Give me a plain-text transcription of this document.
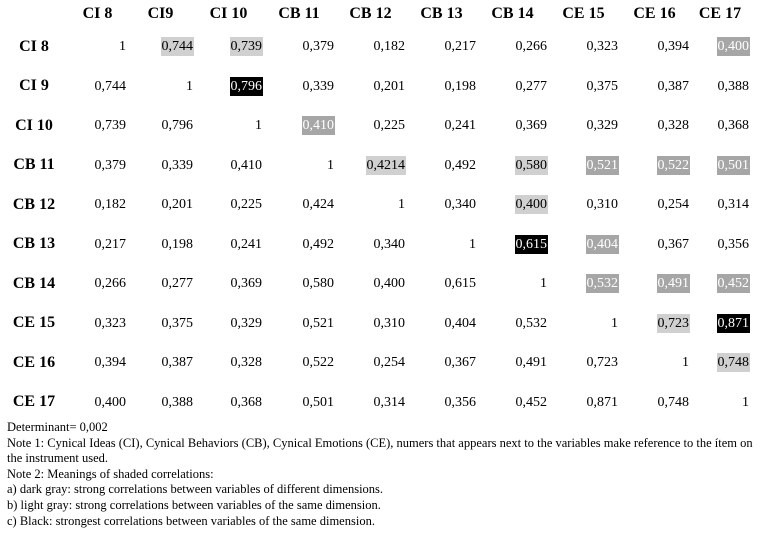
	CI 8	CI9	CI 10	CB 11	CB 12	CB 13	CB 14	CE 15	CE 16	CE 17
CI 8	1	0,744	0,739	0,379	0,182	0,217	0,266	0,323	0,394	0,400
CI 9	0,744	1	0,796	0,339	0,201	0,198	0,277	0,375	0,387	0,388
CI 10	0,739	0,796	1	0,410	0,225	0,241	0,369	0,329	0,328	0,368
CB 11	0,379	0,339	0,410	1	0,4214	0,492	0,580	0,521	0,522	0,501
CB 12	0,182	0,201	0,225	0,424	1	0,340	0,400	0,310	0,254	0,314
CB 13	0,217	0,198	0,241	0,492	0,340	1	0,615	0,404	0,367	0,356
CB 14	0,266	0,277	0,369	0,580	0,400	0,615	1	0,532	0,491	0,452
CE 15	0,323	0,375	0,329	0,521	0,310	0,404	0,532	1	0,723	0,871
CE 16	0,394	0,387	0,328	0,522	0,254	0,367	0,491	0,723	1	0,748
CE 17	0,400	0,388	0,368	0,501	0,314	0,356	0,452	0,871	0,748	1
Determinant= 0,002
Note 1: Cynical Ideas (CI), Cynical Behaviors (CB), Cynical Emotions (CE), numers that appears next to the variables make reference to the ítem on the instrument used.
Note 2: Meanings of shaded correlations:
a) dark gray: strong correlations between variables of different dimensions.
b) light gray: strong correlations between variables of the same dimension.
c) Black: strongest correlations between variables of the same dimension.
